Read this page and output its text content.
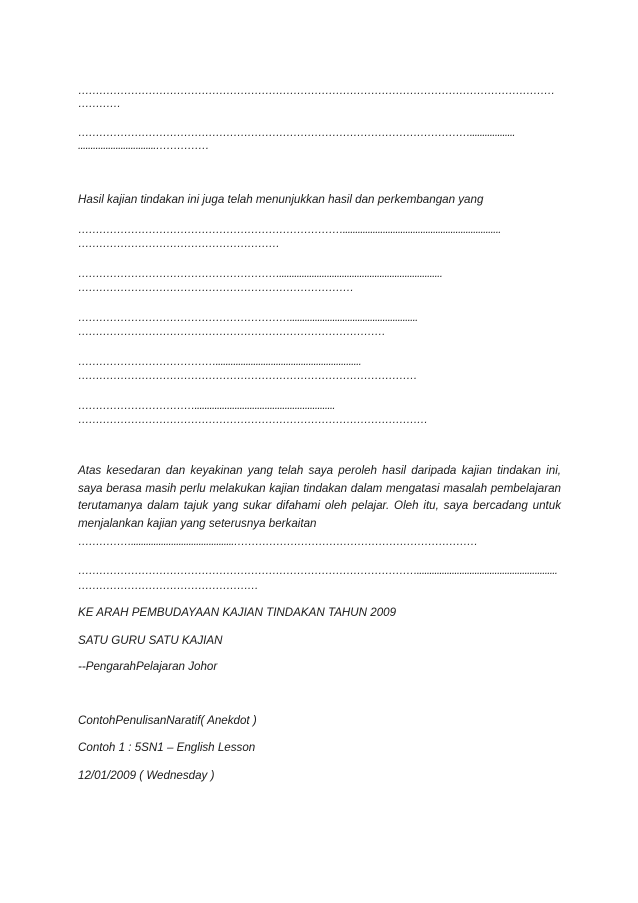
………………………………………………………………………………………………………………………
…………
…………………………………………………………………………………………………..................
...............................……………
Hasil kajian tindakan ini juga telah menunjukkan hasil dan perkembangan yang
…………………………………………………………………...............................................................
…………………………………………………
………………………………………………….................................................................
……………………………………………………………………
……………………………………………………...................................................
……………………………………………………………………………
…………………………………..........................................................
……………………………………………………………………………………
……………………………........................................................
………………………………………………………………………………………
Atas kesedaran dan keyakinan yang telah saya peroleh hasil daripada kajian tindakan ini, saya berasa masih perlu melakukan kajian tindakan dalam mengatasi masalah pembelajaran terutamanya dalam tajuk yang sukar difahami oleh pelajar. Oleh itu, saya bercadang untuk menjalankan kajian yang seterusnya berkaitan
…………….........................................……………………………………………………………
……………………………………………………………………………………........................................................
……………………………………………
KE ARAH PEMBUDAYAAN KAJIAN TINDAKAN TAHUN 2009
SATU GURU SATU KAJIAN
--PengarahPelajaran Johor
ContohPenulisanNaratif( Anekdot )
Contoh 1 : 5SN1 – English Lesson
12/01/2009 ( Wednesday )
